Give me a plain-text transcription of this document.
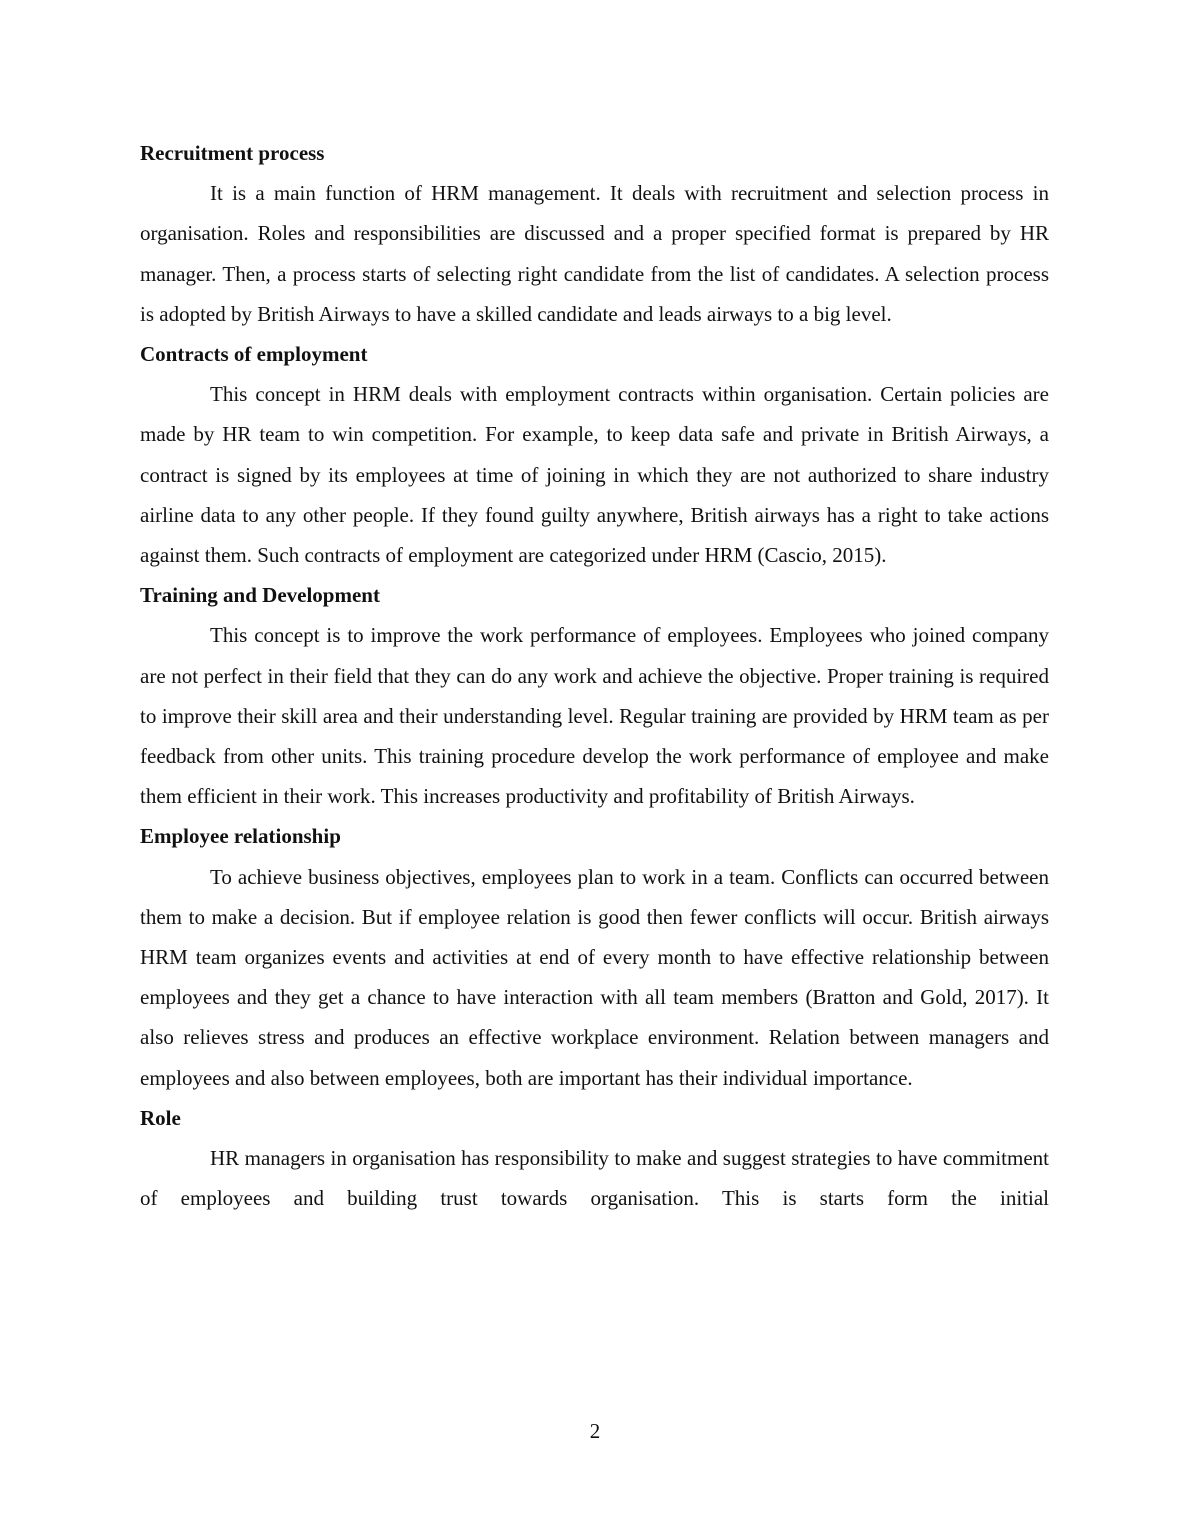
Recruitment process

It is a main function of HRM management. It deals with recruitment and selection process in organisation. Roles and responsibilities are discussed and a proper specified format is prepared by HR manager. Then, a process starts of selecting right candidate from the list of candidates. A selection process is adopted by British Airways to have a skilled candidate and leads airways to a big level.

Contracts of employment

This concept in HRM deals with employment contracts within organisation. Certain policies are made by HR team to win competition. For example, to keep data safe and private in British Airways, a contract is signed by its employees at time of joining in which they are not authorized to share industry airline data to any other people. If they found guilty anywhere, British airways has a right to take actions against them. Such contracts of employment are categorized under HRM (Cascio, 2015).

Training and Development

This concept is to improve the work performance of employees. Employees who joined company are not perfect in their field that they can do any work and achieve the objective. Proper training is required to improve their skill area and their understanding level. Regular training are provided by HRM team as per feedback from other units. This training procedure develop the work performance of employee and make them efficient in their work. This increases productivity and profitability of British Airways.

Employee relationship

To achieve business objectives, employees plan to work in a team. Conflicts can occurred between them to make a decision. But if employee relation is good then fewer conflicts will occur. British airways HRM team organizes events and activities at end of every month to have effective relationship between employees and they get a chance to have interaction with all team members (Bratton and Gold, 2017). It also relieves stress and produces an effective workplace environment. Relation between managers and employees and also between employees, both are important has their individual importance.

Role

HR managers in organisation has responsibility to make and suggest strategies to have commitment of employees and building trust towards organisation. This is starts form the initial

2
